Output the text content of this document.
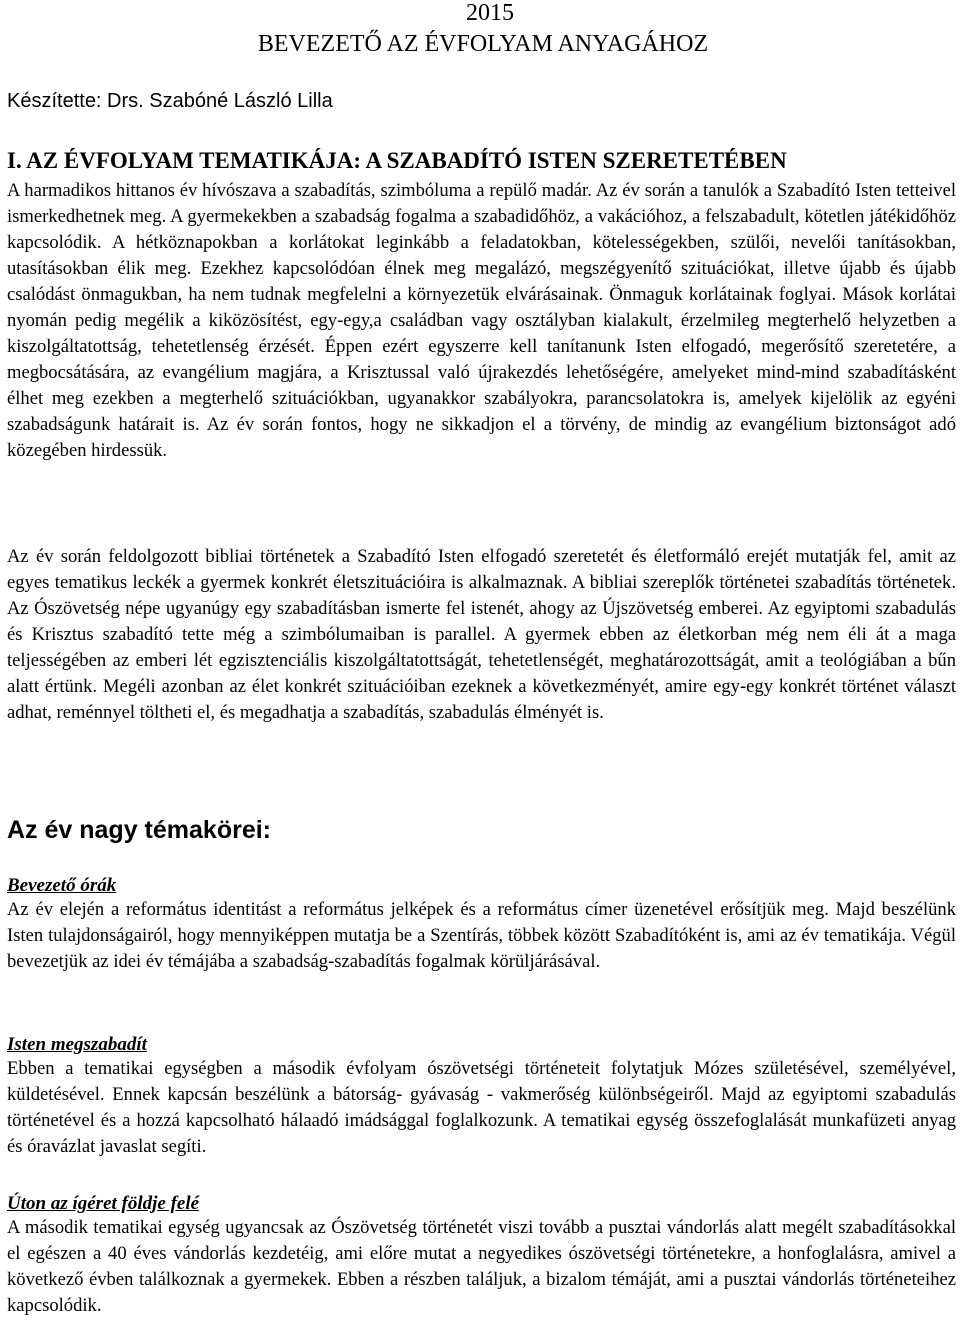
2015
BEVEZETŐ AZ ÉVFOLYAM ANYAGÁHOZ
Készítette: Drs. Szabóné László Lilla
I. AZ ÉVFOLYAM TEMATIKÁJA: A SZABADÍTÓ ISTEN SZERETETÉBEN

A harmadikos hittanos év hívószava a szabadítás, szimbóluma a repülő madár. Az év során a tanulók a Szabadító Isten tetteivel ismerkedhetnek meg. A gyermekekben a szabadság fogalma a szabadidőhöz, a vakációhoz, a felszabadult, kötetlen játékidőhöz kapcsolódik. A hétköznapokban a korlátokat leginkább a feladatokban, kötelességekben, szülői, nevelői tanításokban, utasításokban élik meg. Ezekhez kapcsolódóan élnek meg megalázó, megszégyenítő szituációkat, illetve újabb és újabb csalódást önmagukban, ha nem tudnak megfelelni a környezetük elvárásainak. Önmaguk korlátainak foglyai. Mások korlátai nyomán pedig megélik a kiközösítést, egy-egy,a családban vagy osztályban kialakult, érzelmileg megterhelő helyzetben a kiszolgáltatottság, tehetetlenség érzését. Éppen ezért egyszerre kell tanítanunk Isten elfogadó, megerősítő szeretetére, a megbocsátására, az evangélium magjára, a Krisztussal való újrakezdés lehetőségére, amelyeket mind-mind szabadításként élhet meg ezekben a megterhelő szituációkban, ugyanakkor szabályokra, parancsolatokra is, amelyek kijelölik az egyéni szabadságunk határait is. Az év során fontos, hogy ne sikkadjon el a törvény, de mindig az evangélium biztonságot adó közegében hirdessük.

Az év során feldolgozott bibliai történetek a Szabadító Isten elfogadó szeretetét és életformáló erejét mutatják fel, amit az egyes tematikus leckék a gyermek konkrét életszituációira is alkalmaznak. A bibliai szereplők történetei szabadítás történetek. Az Ószövetség népe ugyanúgy egy szabadításban ismerte fel istenét, ahogy az Újszövetség emberei. Az egyiptomi szabadulás és Krisztus szabadító tette még a szimbólumaiban is parallel. A gyermek ebben az életkorban még nem éli át a maga teljességében az emberi lét egzisztenciális kiszolgáltatottságát, tehetetlenségét, meghatározottságát, amit a teológiában a bűn alatt értünk. Megéli azonban az élet konkrét szituációiban ezeknek a következményét, amire egy-egy konkrét történet választ adhat, reménnyel töltheti el, és megadhatja a szabadítás, szabadulás élményét is.

Az év nagy témakörei:
Bevezető órák

Az év elején a református identitást a református jelképek és a református címer üzenetével erősítjük meg. Majd beszélünk Isten tulajdonságairól, hogy mennyiképpen mutatja be a Szentírás, többek között Szabadítóként is, ami az év tematikája. Végül bevezetjük az idei év témájába a szabadság-szabadítás fogalmak körüljárásával.

Isten megszabadít

Ebben a tematikai egységben a második évfolyam ószövetségi történeteit folytatjuk Mózes születésével, személyével, küldetésével. Ennek kapcsán beszélünk a bátorság- gyávaság - vakmerőség különbségeiről. Majd az egyiptomi szabadulás történetével és a hozzá kapcsolható hálaadó imádsággal foglalkozunk. A tematikai egység összefoglalását munkafüzeti anyag és óravázlat javaslat segíti.

Úton az ígéret földje felé

A második tematikai egység ugyancsak az Ószövetség történetét viszi tovább a pusztai vándorlás alatt megélt szabadításokkal el egészen a 40 éves vándorlás kezdetéig, ami előre mutat a negyedikes ószövetségi történetekre, a honfoglalásra, amivel a következő évben találkoznak a gyermekek. Ebben a részben találjuk, a bizalom témáját, ami a pusztai vándorlás történeteihez kapcsolódik.
